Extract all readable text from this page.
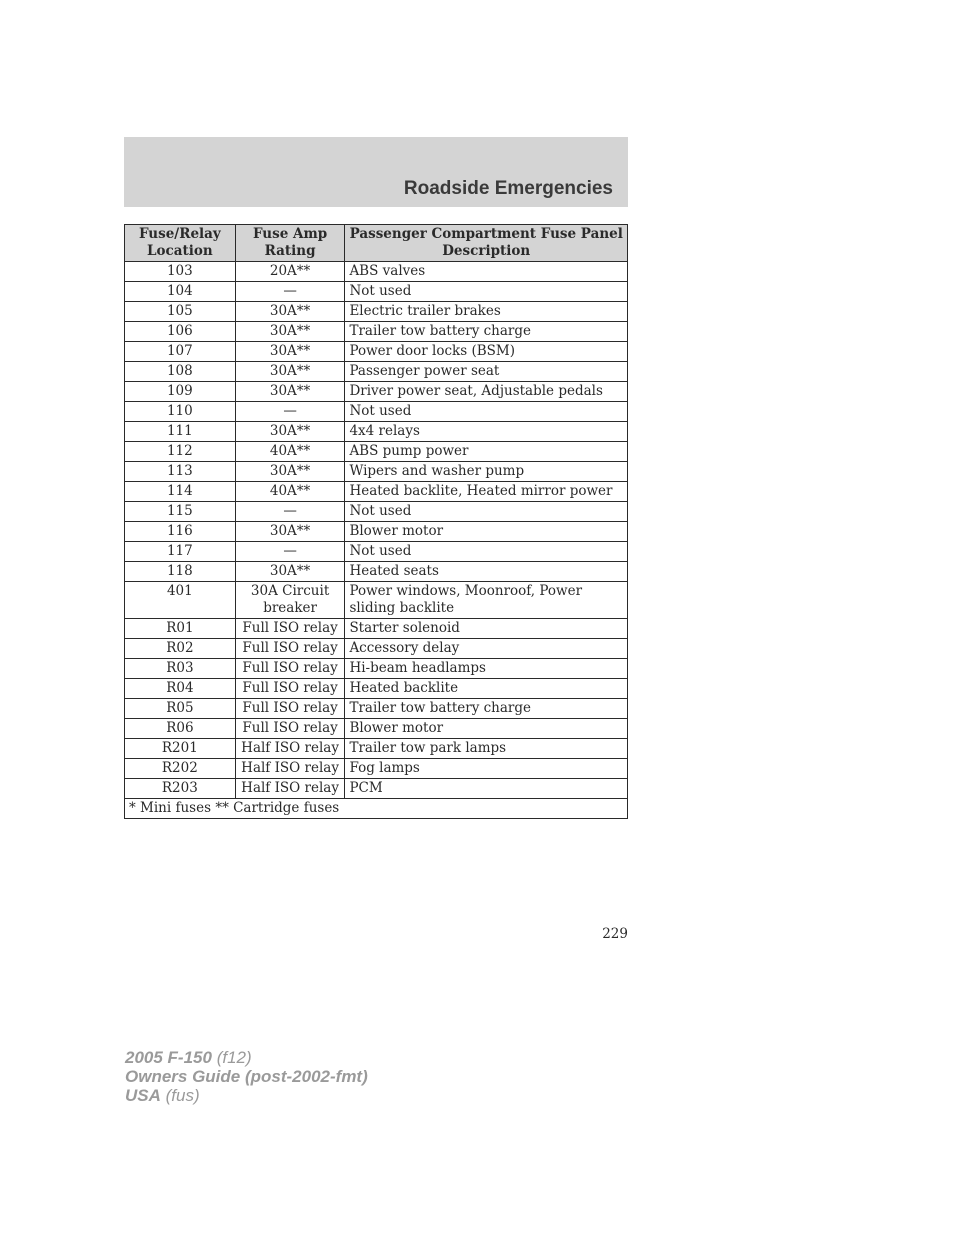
Roadside Emergencies
Fuse/Relay Location	Fuse Amp Rating	Passenger Compartment Fuse Panel Description
103	20A**	ABS valves
104	—	Not used
105	30A**	Electric trailer brakes
106	30A**	Trailer tow battery charge
107	30A**	Power door locks (BSM)
108	30A**	Passenger power seat
109	30A**	Driver power seat, Adjustable pedals
110	—	Not used
111	30A**	4x4 relays
112	40A**	ABS pump power
113	30A**	Wipers and washer pump
114	40A**	Heated backlite, Heated mirror power
115	—	Not used
116	30A**	Blower motor
117	—	Not used
118	30A**	Heated seats
401	30A Circuit breaker	Power windows, Moonroof, Power sliding backlite
R01	Full ISO relay	Starter solenoid
R02	Full ISO relay	Accessory delay
R03	Full ISO relay	Hi-beam headlamps
R04	Full ISO relay	Heated backlite
R05	Full ISO relay	Trailer tow battery charge
R06	Full ISO relay	Blower motor
R201	Half ISO relay	Trailer tow park lamps
R202	Half ISO relay	Fog lamps
R203	Half ISO relay	PCM
* Mini fuses ** Cartridge fuses		
229
2005 F-150 (f12)
Owners Guide (post-2002-fmt)
USA (fus)
